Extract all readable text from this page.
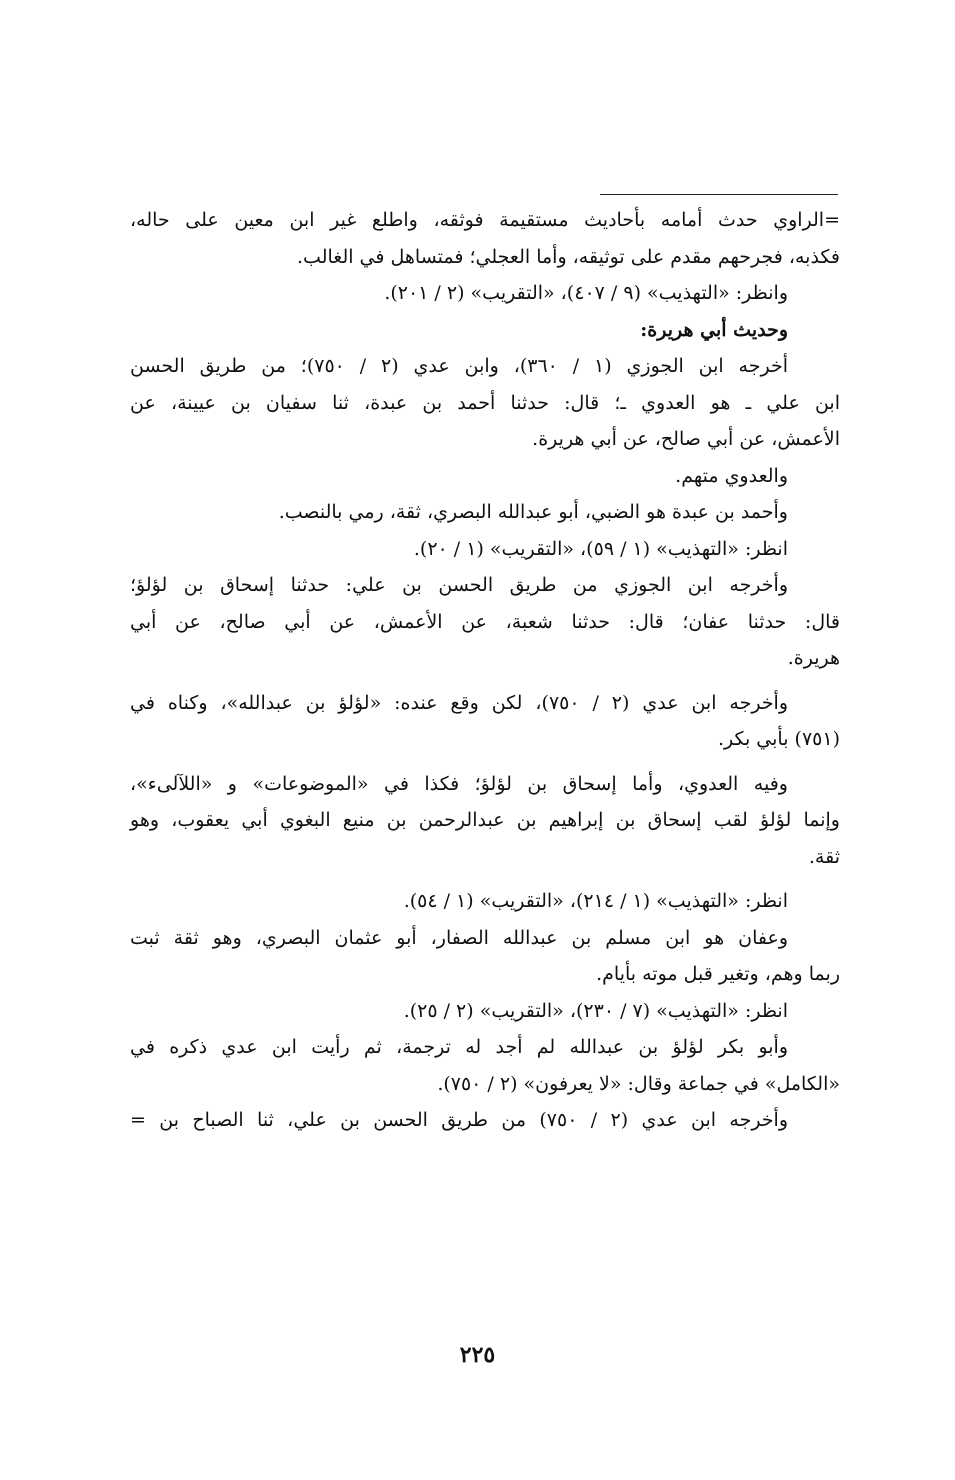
=الراوي حدث أمامه بأحاديث مستقيمة فوثقه، واطلع غير ابن معين على حاله،
فكذبه، فجرحهم مقدم على توثيقه، وأما العجلي؛ فمتساهل في الغالب.
وانظر: «التهذيب» (٩ / ٤٠٧)، «التقريب» (٢ / ٢٠١).
وحديث أبي هريرة:
أخرجه ابن الجوزي (١ / ٣٦٠)، وابن عدي (٢ / ٧٥٠)؛ من طريق الحسن
ابن علي ـ هو العدوي ـ؛ قال: حدثنا أحمد بن عبدة، ثنا سفيان بن عيينة، عن
الأعمش، عن أبي صالح، عن أبي هريرة.
والعدوي متهم.
وأحمد بن عبدة هو الضبي، أبو عبدالله البصري، ثقة، رمي بالنصب.
انظر: «التهذيب» (١ / ٥٩)، «التقريب» (١ / ٢٠).
وأخرجه ابن الجوزي من طريق الحسن بن علي: حدثنا إسحاق بن لؤلؤ؛
قال: حدثنا عفان؛ قال: حدثنا شعبة، عن الأعمش، عن أبي صالح، عن أبي
هريرة.
وأخرجه ابن عدي (٢ / ٧٥٠)، لكن وقع عنده: «لؤلؤ بن عبدالله»، وكناه في
(٧٥١) بأبي بكر.
وفيه العدوي، وأما إسحاق بن لؤلؤ؛ فكذا في «الموضوعات» و «اللآلىء»،
وإنما لؤلؤ لقب إسحاق بن إبراهيم بن عبدالرحمن بن منيع البغوي أبي يعقوب، وهو
ثقة.
انظر: «التهذيب» (١ / ٢١٤)، «التقريب» (١ / ٥٤).
وعفان هو ابن مسلم بن عبدالله الصفار، أبو عثمان البصري، وهو ثقة ثبت
ربما وهم، وتغير قبل موته بأيام.
انظر: «التهذيب» (٧ / ٢٣٠)، «التقريب» (٢ / ٢٥).
وأبو بكر لؤلؤ بن عبدالله لم أجد له ترجمة، ثم رأيت ابن عدي ذكره في
«الكامل» في جماعة وقال: «لا يعرفون» (٢ / ٧٥٠).
وأخرجه ابن عدي (٢ / ٧٥٠) من طريق الحسن بن علي، ثنا الصباح بن =
٢٢٥
